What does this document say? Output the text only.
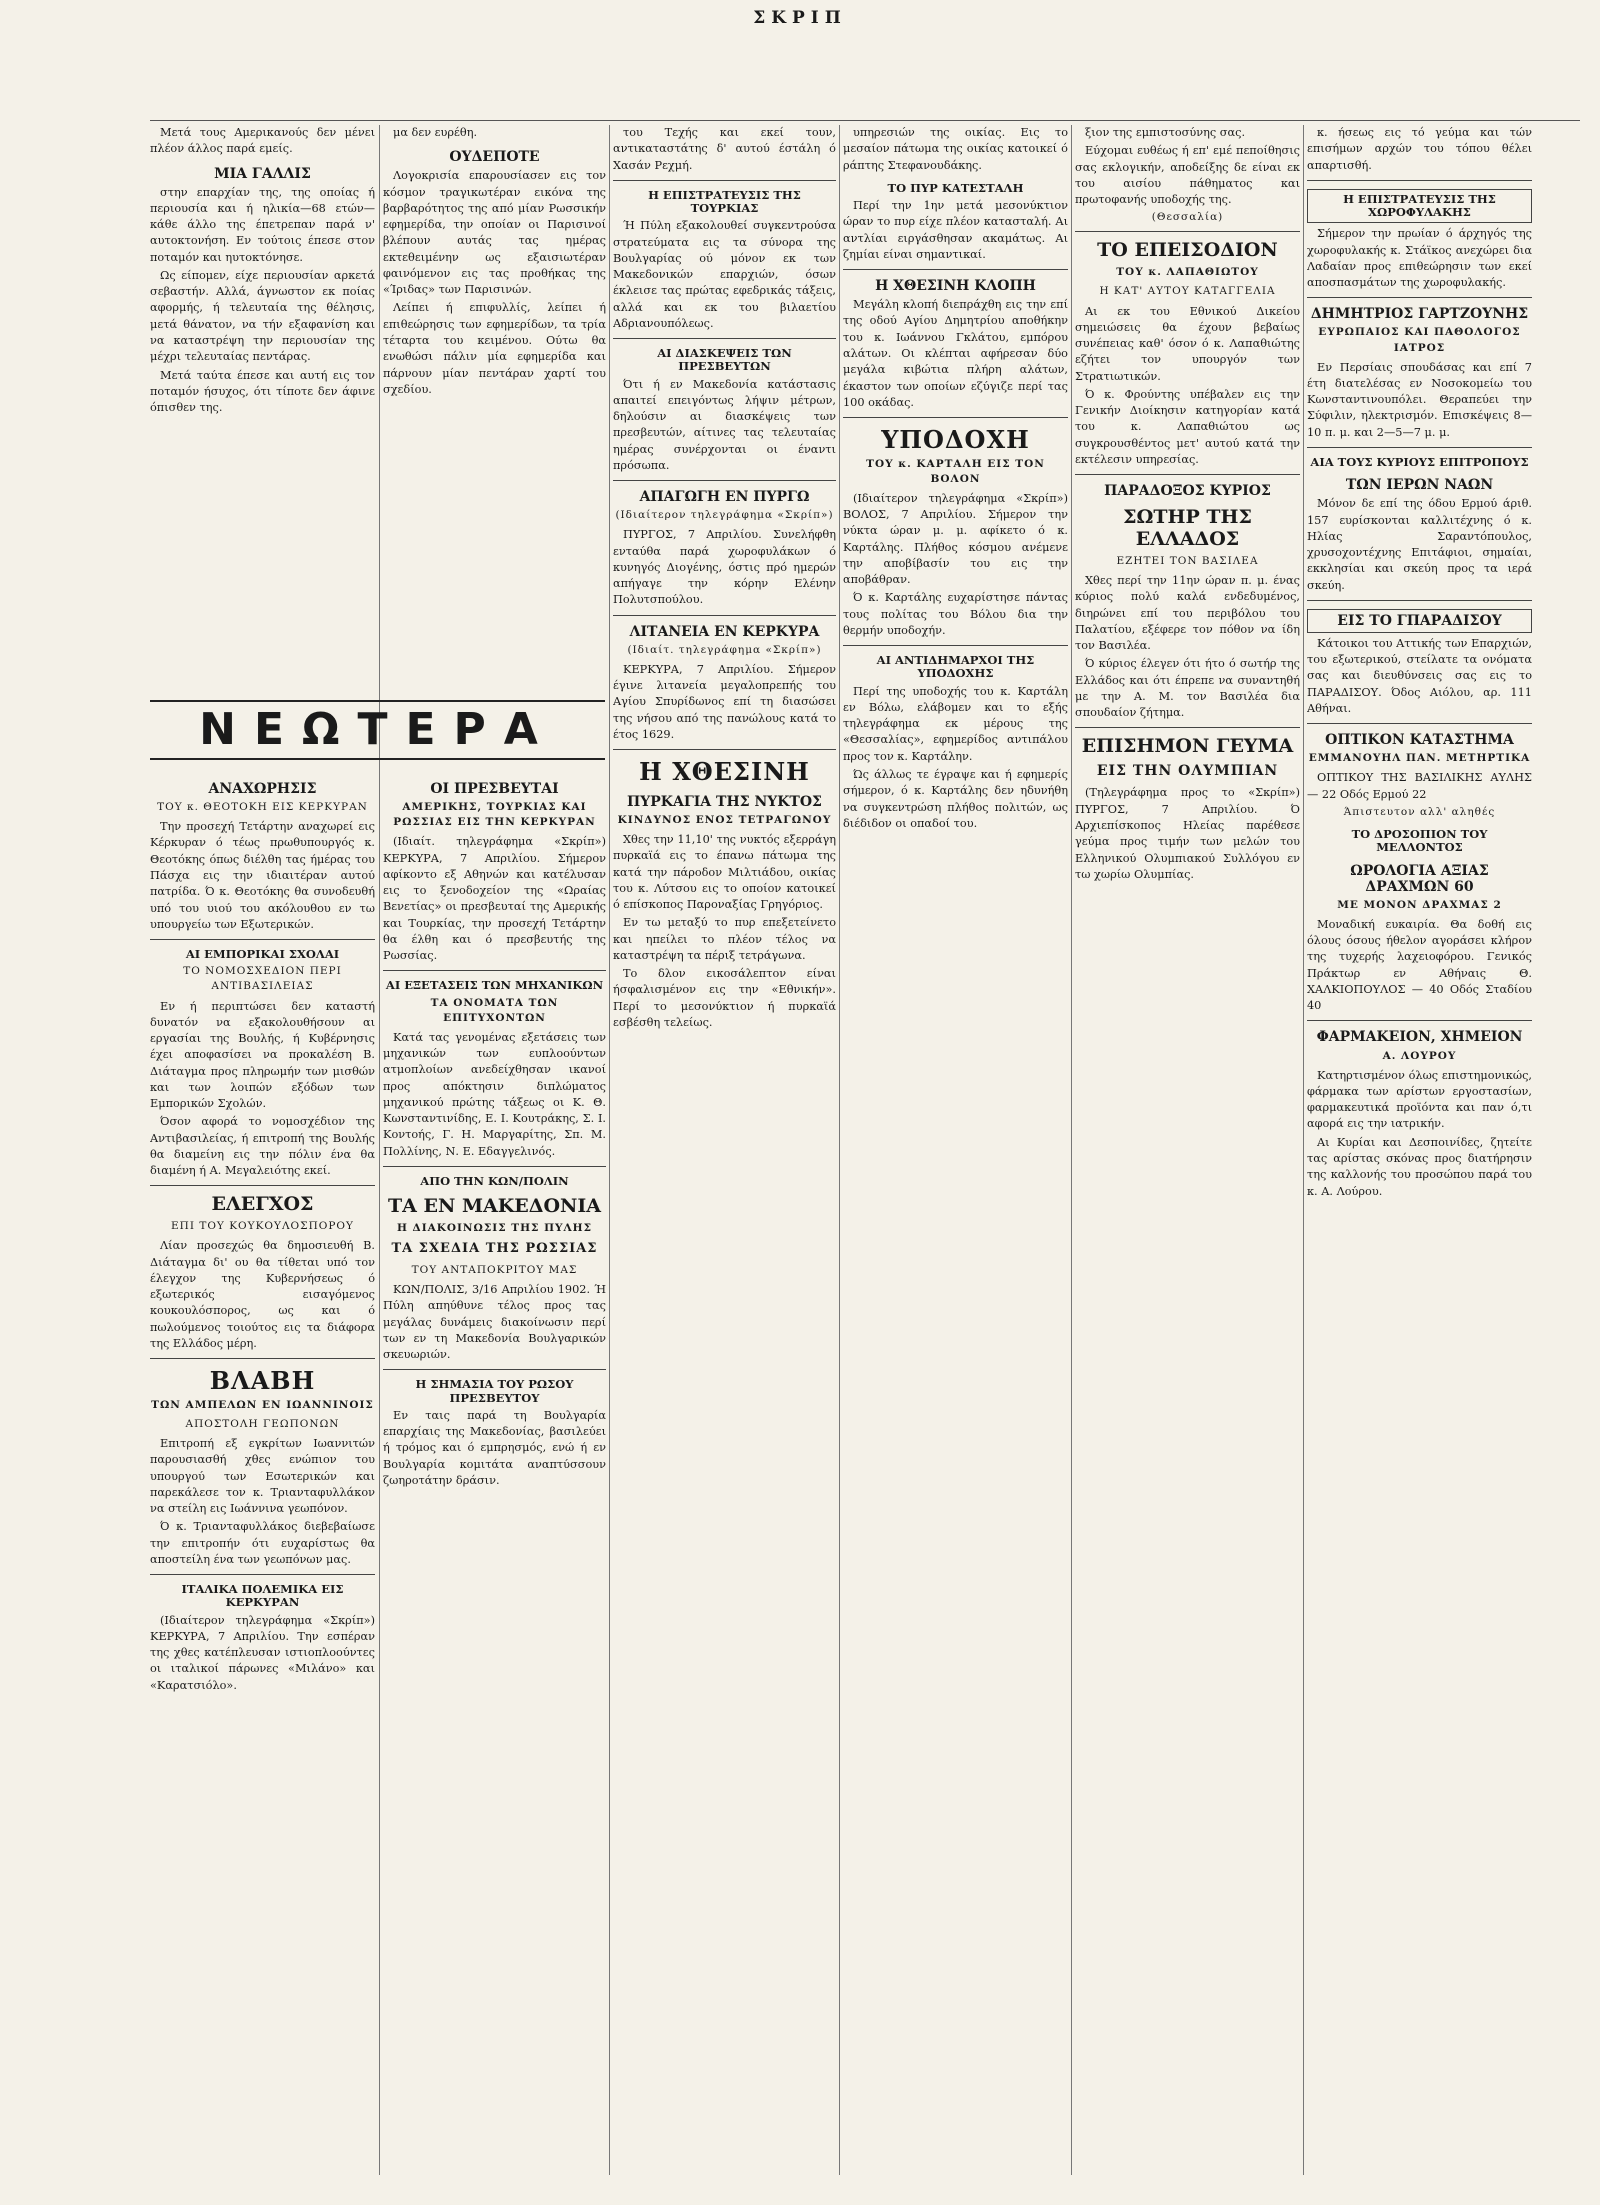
ΣΚΡΙΠ

Μετά τους Αμερικανούς δεν μένει πλέον άλλος παρά εμείς.

ΜΙΑ ΓΑΛΛΙΣ

στην επαρχίαν της, της οποίας ή περιουσία και ή ηλικία—68 ετών—κάθε άλλο της έπετρεπαν παρά ν' αυτοκτονήση. Εν τούτοις έπεσε στον ποταμόν και ηυτοκτόνησε.

Ως είπομεν, είχε περιουσίαν αρκετά σεβαστήν. Αλλά, άγνωστον εκ ποίας αφορμής, ή τελευταία της θέλησις, μετά θάνατον, να τήν εξαφανίση και να καταστρέψη την περιουσίαν της μέχρι τελευταίας πεντάρας.

Μετά ταύτα έπεσε και αυτή εις τον ποταμόν ήσυχος, ότι τίποτε δεν άφινε όπισθεν της.

ΑΝΑΧΩΡΗΣΙΣ
ΤΟΥ κ. ΘΕΟΤΟΚΗ ΕΙΣ ΚΕΡΚΥΡΑΝ

Την προσεχή Τετάρτην αναχωρεί εις Κέρκυραν ό τέως πρωθυπουργός κ. Θεοτόκης όπως διέλθη τας ήμέρας του Πάσχα εις την ιδιαιτέραν αυτού πατρίδα. Ό κ. Θεοτόκης θα συνοδευθή υπό του υιού του ακόλουθου εν τω υπουργείω των Εξωτερικών.

ΑΙ ΕΜΠΟΡΙΚΑΙ ΣΧΟΛΑΙ
ΤΟ ΝΟΜΟΣΧΕΔΙΟΝ ΠΕΡΙ ΑΝΤΙΒΑΣΙΛΕΙΑΣ

Εν ή περιπτώσει δεν καταστή δυνατόν να εξακολουθήσουν αι εργασίαι της Βουλής, ή Κυβέρνησις έχει αποφασίσει να προκαλέση Β. Διάταγμα προς πληρωμήν των μισθών και των λοιπών εξόδων των Εμπορικών Σχολών.

Όσον αφορά το νομοσχέδιον της Αντιβασιλείας, ή επιτροπή της Βουλής θα διαμείνη εις την πόλιν ένα θα διαμένη ή Α. Μεγαλειότης εκεί.

ΕΛΕΓΧΟΣ
ΕΠΙ ΤΟΥ ΚΟΥΚΟΥΛΟΣΠΟΡΟΥ

Λίαν προσεχώς θα δημοσιευθή Β. Διάταγμα δι' ου θα τίθεται υπό τον έλεγχον της Κυβερνήσεως ό εξωτερικός εισαγόμενος κουκουλόσπορος, ως και ό πωλούμενος τοιούτος εις τα διάφορα της Ελλάδος μέρη.

ΒΛΑΒΗ
ΤΩΝ ΑΜΠΕΛΩΝ ΕΝ ΙΩΑΝΝΙΝΟΙΣ
ΑΠΟΣΤΟΛΗ ΓΕΩΠΟΝΩΝ

Επιτροπή εξ εγκρίτων Ιωαννιτών παρουσιασθή χθες ενώπιον του υπουργού των Εσωτερικών και παρεκάλεσε τον κ. Τριανταφυλλάκον να στείλη εις Ιωάννινα γεωπόνον.

Ό κ. Τριανταφυλλάκος διεβεβαίωσε την επιτροπήν ότι ευχαρίστως θα αποστείλη ένα των γεωπόνων μας.

ΙΤΑΛΙΚΑ ΠΟΛΕΜΙΚΑ ΕΙΣ ΚΕΡΚΥΡΑΝ

(Ιδιαίτερον τηλεγράφημα «Σκρίπ») ΚΕΡΚΥΡΑ, 7 Απριλίου. Την εσπέραν της χθες κατέπλευσαν ιστιοπλοούντες οι ιταλικοί πάρωνες «Μιλάνο» και «Καρατσιόλο».

ΝΕΩΤΕΡΑ

μα δεν ευρέθη.

ΟΥΔΕΠΟΤΕ

Λογοκρισία επαρουσίασεν εις τον κόσμον τραγικωτέραν εικόνα της βαρβαρότητος της από μίαν Ρωσσικήν εφημερίδα, την οποίαν οι Παρισινοί βλέπουν αυτάς τας ημέρας εκτεθειμένην ως εξαισιωτέραν φαινόμενον εις τας προθήκας της «Ίριδας» των Παρισινών.

Λείπει ή επιφυλλίς, λείπει ή επιθεώρησις των εφημερίδων, τα τρία τέταρτα του κειμένου. Ούτω θα ενωθώσι πάλιν μία εφημερίδα και πάρνουν μίαν πεντάραν χαρτί του σχεδίου.

ΟΙ ΠΡΕΣΒΕΥΤΑΙ
ΑΜΕΡΙΚΗΣ, ΤΟΥΡΚΙΑΣ ΚΑΙ ΡΩΣΣΙΑΣ ΕΙΣ ΤΗΝ ΚΕΡΚΥΡΑΝ

(Ιδιαίτ. τηλεγράφημα «Σκρίπ») ΚΕΡΚΥΡΑ, 7 Απριλίου. Σήμερον αφίκοντο εξ Αθηνών και κατέλυσαν εις το ξενοδοχείον της «Ωραίας Βενετίας» οι πρεσβευταί της Αμερικής και Τουρκίας, την προσεχή Τετάρτην θα έλθη και ό πρεσβευτής της Ρωσσίας.

ΑΙ ΕΞΕΤΑΣΕΙΣ ΤΩΝ ΜΗΧΑΝΙΚΩΝ
ΤΑ ΟΝΟΜΑΤΑ ΤΩΝ ΕΠΙΤΥΧΟΝΤΩΝ

Κατά τας γενομένας εξετάσεις των μηχανικών των ευπλοούντων ατμοπλοίων ανεδείχθησαν ικανοί προς απόκτησιν διπλώματος μηχανικού πρώτης τάξεως οι Κ. Θ. Κωνσταντινίδης, Ε. Ι. Κουτράκης, Σ. Ι. Κοντοής, Γ. Η. Μαργαρίτης, Σπ. Μ. Πολλίνης, Ν. Ε. Εδαγγελινός.

ΑΠΟ ΤΗΝ ΚΩΝ/ΠΟΛΙΝ
ΤΑ ΕΝ ΜΑΚΕΔΟΝΙΑ
Η ΔΙΑΚΟΙΝΩΣΙΣ ΤΗΣ ΠΥΛΗΣ
ΤΑ ΣΧΕΔΙΑ ΤΗΣ ΡΩΣΣΙΑΣ
ΤΟΥ ΑΝΤΑΠΟΚΡΙΤΟΥ ΜΑΣ

ΚΩΝ/ΠΟΛΙΣ, 3/16 Απριλίου 1902. Ή Πύλη απηύθυνε τέλος προς τας μεγάλας δυνάμεις διακοίνωσιν περί των εν τη Μακεδονία Βουλγαρικών σκευωριών.

Η ΣΗΜΑΣΙΑ ΤΟΥ ΡΩΣΟΥ ΠΡΕΣΒΕΥΤΟΥ

Εν ταις παρά τη Βουλγαρία επαρχίαις της Μακεδονίας, βασιλεύει ή τρόμος και ό εμπρησμός, ενώ ή εν Βουλγαρία κομιτάτα αναπτύσσουν ζωηροτάτην δράσιν.

του Τεχής και εκεί τουν, αντικαταστάτης δ' αυτού έστάλη ό Χασάν Ρεχμή.

Η ΕΠΙΣΤΡΑΤΕΥΣΙΣ ΤΗΣ ΤΟΥΡΚΙΑΣ

Ή Πύλη εξακολουθεί συγκεντρούσα στρατεύματα εις τα σύνορα της Βουλγαρίας ού μόνον εκ των Μακεδονικών επαρχιών, όσων έκλεισε τας πρώτας εφεδρικάς τάξεις, αλλά και εκ του βιλαετίου Αδριανουπόλεως.

ΑΙ ΔΙΑΣΚΕΨΕΙΣ ΤΩΝ ΠΡΕΣΒΕΥΤΩΝ

Ότι ή εν Μακεδονία κατάστασις απαιτεί επειγόντως λήψιν μέτρων, δηλούσιν αι διασκέψεις των πρεσβευτών, αίτινες τας τελευταίας ημέρας συνέρχονται οι έναντι πρόσωπα.

ΑΠΑΓΩΓΗ ΕΝ ΠΥΡΓΩ
(Ιδιαίτερον τηλεγράφημα «Σκρίπ»)

ΠΥΡΓΟΣ, 7 Απριλίου. Συνελήφθη ενταύθα παρά χωροφυλάκων ό κυνηγός Διογένης, όστις πρό ημερών απήγαγε την κόρην Ελένην Πολυτσπούλου.

ΛΙΤΑΝΕΙΑ ΕΝ ΚΕΡΚΥΡΑ
(Ιδιαίτ. τηλεγράφημα «Σκρίπ»)

ΚΕΡΚΥΡΑ, 7 Απριλίου. Σήμερον έγινε λιτανεία μεγαλοπρεπής του Αγίου Σπυρίδωνος επί τη διασώσει της νήσου από της πανώλους κατά το έτος 1629.

Η ΧΘΕΣΙΝΗ
ΠΥΡΚΑΓΙΑ ΤΗΣ ΝΥΚΤΟΣ
ΚΙΝΔΥΝΟΣ ΕΝΟΣ ΤΕΤΡΑΓΩΝΟΥ

Χθες την 11,10' της νυκτός εξερράγη πυρκαϊά εις το έπανω πάτωμα της κατά την πάροδον Μιλτιάδου, οικίας του κ. Λύτσου εις το οποίον κατοικεί ό επίσκοπος Παροναξίας Γρηγόριος.

Εν τω μεταξύ το πυρ επεξετείνετο και ηπείλει το πλέον τέλος να καταστρέψη τα πέριξ τετράγωνα.

Το δλον εικοσάλεπτον είναι ήσφαλισμένον εις την «Εθνικήν». Περί το μεσονύκτιον ή πυρκαϊά εσβέσθη τελείως.

υπηρεσιών της οικίας. Εις το μεσαίον πάτωμα της οικίας κατοικεί ό ράπτης Στεφανουδάκης.

ΤΟ ΠΥΡ ΚΑΤΕΣΤΑΛΗ

Περί την 1ην μετά μεσονύκτιον ώραν το πυρ είχε πλέον κατασταλή. Αι αντλίαι ειργάσθησαν ακαμάτως. Αι ζημίαι είναι σημαντικαί.

Η ΧΘΕΣΙΝΗ ΚΛΟΠΗ

Μεγάλη κλοπή διεπράχθη εις την επί της οδού Αγίου Δημητρίου αποθήκην του κ. Ιωάννου Γκλάτου, εμπόρου αλάτων. Οι κλέπται αφήρεσαν δύο μεγάλα κιβώτια πλήρη αλάτων, έκαστον των οποίων εζύγιζε περί τας 100 οκάδας.

ΥΠΟΔΟΧΗ
ΤΟΥ κ. ΚΑΡΤΑΛΗ ΕΙΣ ΤΟΝ ΒΟΛΟΝ

(Ιδιαίτερον τηλεγράφημα «Σκρίπ») ΒΟΛΟΣ, 7 Απριλίου. Σήμερον την νύκτα ώραν μ. μ. αφίκετο ό κ. Καρτάλης. Πλήθος κόσμου ανέμενε την αποβίβασίν του εις την αποβάθραν.

Ό κ. Καρτάλης ευχαρίστησε πάντας τους πολίτας του Βόλου δια την θερμήν υποδοχήν.

ΑΙ ΑΝΤΙΔΗΜΑΡΧΟΙ ΤΗΣ ΥΠΟΔΟΧΗΣ

Περί της υποδοχής του κ. Καρτάλη εν Βόλω, ελάβομεν και το εξής τηλεγράφημα εκ μέρους της «Θεσσαλίας», εφημερίδος αντιπάλου προς τον κ. Καρτάλην.

Ώς άλλως τε έγραψε και ή εφημερίς σήμερον, ό κ. Καρτάλης δεν ηδυνήθη να συγκεντρώση πλήθος πολιτών, ως διέδιδον οι οπαδοί του.

ξιον της εμπιστοσύνης σας.

Εύχομαι ευθέως ή επ' εμέ πεποίθησις σας εκλογικήν, αποδείξης δε είναι εκ του αισίου πάθηματος και πρωτοφανής υποδοχής της.

(Θεσσαλία)
ΤΟ ΕΠΕΙΣΟΔΙΟΝ
ΤΟΥ κ. ΛΑΠΑΘΙΩΤΟΥ
Η ΚΑΤ' ΑΥΤΟΥ ΚΑΤΑΓΓΕΛΙΑ

Αι εκ του Εθνικού Δικείου σημειώσεις θα έχουν βεβαίως συνέπειας καθ' όσον ό κ. Λαπαθιώτης εζήτει τον υπουργόν των Στρατιωτικών.

Ό κ. Φρούντης υπέβαλεν εις την Γενικήν Διοίκησιν κατηγορίαν κατά του κ. Λαπαθιώτου ως συγκρουσθέντος μετ' αυτού κατά την εκτέλεσιν υπηρεσίας.

ΠΑΡΑΔΟΞΟΣ ΚΥΡΙΟΣ
ΣΩΤΗΡ ΤΗΣ ΕΛΛΑΔΟΣ
ΕΖΗΤΕΙ ΤΟΝ ΒΑΣΙΛΕΑ

Χθες περί την 11ην ώραν π. μ. ένας κύριος πολύ καλά ενδεδυμένος, διηρώνει επί του περιβόλου του Παλατίου, εξέφερε τον πόθον να ίδη τον Βασιλέα.

Ό κύριος έλεγεν ότι ήτο ό σωτήρ της Ελλάδος και ότι έπρεπε να συναντηθή με την Α. Μ. τον Βασιλέα δια σπουδαίον ζήτημα.

ΕΠΙΣΗΜΟΝ ΓΕΥΜΑ
ΕΙΣ ΤΗΝ ΟΛΥΜΠΙΑΝ

(Τηλεγράφημα προς το «Σκρίπ») ΠΥΡΓΟΣ, 7 Απριλίου. Ό Αρχιεπίσκοπος Ηλείας παρέθεσε γεύμα προς τιμήν των μελών του Ελληνικού Ολυμπιακού Συλλόγου εν τω χωρίω Ολυμπίας.

κ. ήσεως εις τό γεύμα και τών επισήμων αρχών του τόπου θέλει απαρτισθή.

Η ΕΠΙΣΤΡΑΤΕΥΣΙΣ ΤΗΣ ΧΩΡΟΦΥΛΑΚΗΣ

Σήμερον την πρωίαν ό άρχηγός της χωροφυλακής κ. Στάϊκος ανεχώρει δια Λαδαίαν προς επιθεώρησιν των εκεί αποσπασμάτων της χωροφυλακής.

ΔΗΜΗΤΡΙΟΣ ΓΑΡΤΖΟΥΝΗΣ
ΕΥΡΩΠΑΙΟΣ ΚΑΙ ΠΑΘΟΛΟΓΟΣ ΙΑΤΡΟΣ

Εν Περσίαις σπουδάσας και επί 7 έτη διατελέσας εν Νοσοκομείω του Κωνσταντινουπόλει. Θεραπεύει την Σύφιλιν, ηλεκτρισμόν. Επισκέψεις 8—10 π. μ. και 2—5—7 μ. μ.

ΑΙΑ ΤΟΥΣ ΚΥΡΙΟΥΣ ΕΠΙΤΡΟΠΟΥΣ
ΤΩΝ ΙΕΡΩΝ ΝΑΩΝ

Μόνον δε επί της όδου Ερμού άριθ. 157 ευρίσκονται καλλιτέχνης ό κ. Ηλίας Σαραντόπουλος, χρυσοχοντέχνης Επιτάφιοι, σημαίαι, εκκλησίαι και σκεύη προς τα ιερά σκεύη.

ΕΙΣ ΤΟ ΓΠΑΡΑΔΙΣΟΥ

Κάτοικοι του Αττικής των Επαρχιών, του εξωτερικού, στείλατε τα ονόματα σας και διευθύνσεις σας εις το ΠΑΡΑΔΙΣΟΥ. Όδος Αιόλου, αρ. 111 Αθήναι.

ΟΠΤΙΚΟΝ ΚΑΤΑΣΤΗΜΑ
ΕΜΜΑΝΟΥΗΛ ΠΑΝ. ΜΕΤΗΡΤΙΚΑ

ΟΠΤΙΚΟΥ ΤΗΣ ΒΑΣΙΛΙΚΗΣ ΑΥΛΗΣ — 22 Οδός Ερμού 22

Άπιστευτον αλλ' αληθές
ΤΟ ΔΡΟΣΟΠΙΟΝ ΤΟΥ ΜΕΛΛΟΝΤΟΣ
ΩΡΟΛΟΓΙΑ ΑΞΙΑΣ ΔΡΑΧΜΩΝ 60
ΜΕ ΜΟΝΟΝ ΔΡΑΧΜΑΣ 2

Μοναδική ευκαιρία. Θα δοθή εις όλους όσους ήθελον αγοράσει κλήρον της τυχερής λαχειοφόρου. Γενικός Πράκτωρ εν Αθήναις Θ. ΧΑΛΚΙΟΠΟΥΛΟΣ — 40 Οδός Σταδίου 40

ΦΑΡΜΑΚΕΙΟΝ, ΧΗΜΕΙΟΝ
Α. ΛΟΥΡΟΥ

Κατηρτισμένον όλως επιστημονικώς, φάρμακα των αρίστων εργοστασίων, φαρμακευτικά προϊόντα και παν ό,τι αφορά εις την ιατρικήν.

Αι Κυρίαι και Δεσποινίδες, ζητείτε τας αρίστας σκόνας προς διατήρησιν της καλλονής του προσώπου παρά του κ. Α. Λούρου.
